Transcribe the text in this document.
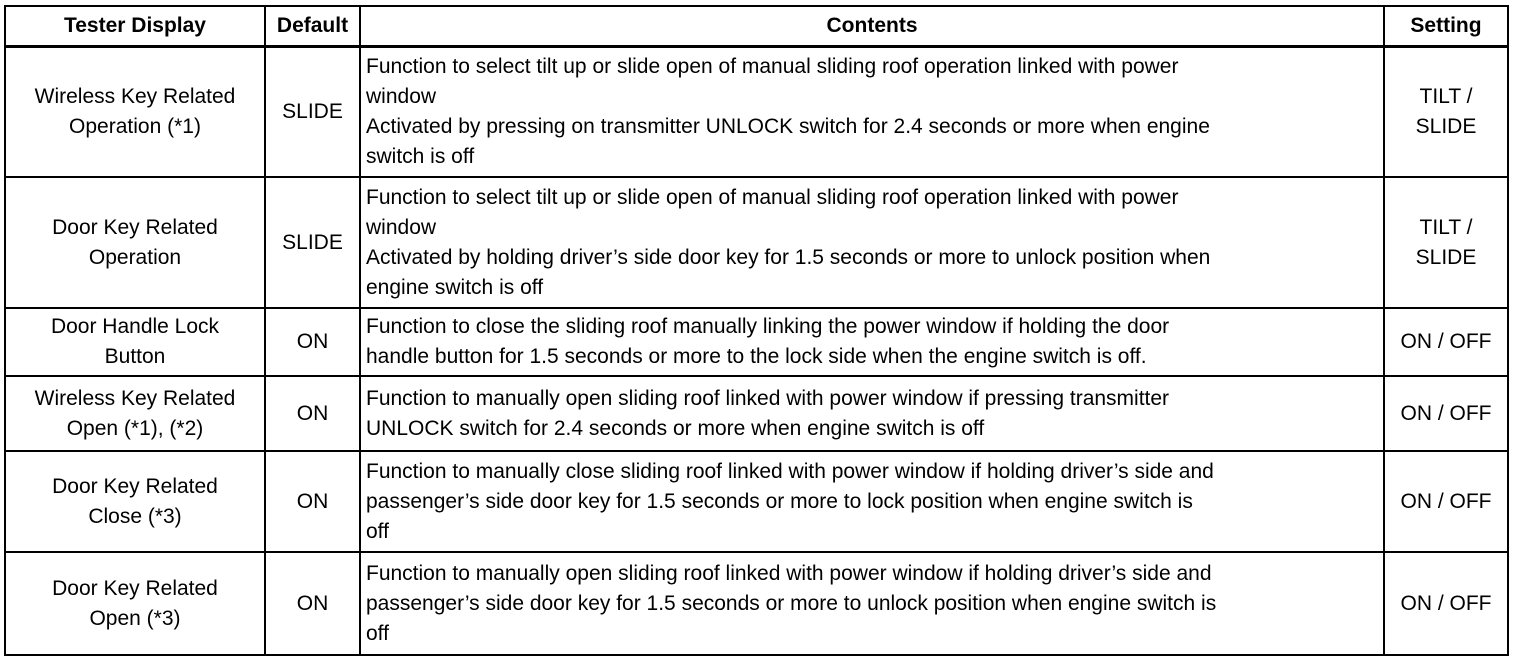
Tester Display	Default	Contents	Setting

Wireless Key Related
Operation (*1)	SLIDE	Function to select tilt up or slide open of manual sliding roof operation linked with power
window
Activated by pressing on transmitter UNLOCK switch for 2.4 seconds or more when engine
switch is off	TILT /
SLIDE

Door Key Related
Operation	SLIDE	Function to select tilt up or slide open of manual sliding roof operation linked with power
window
Activated by holding driver’s side door key for 1.5 seconds or more to unlock position when
engine switch is off	TILT /
SLIDE

Door Handle Lock
Button	ON	Function to close the sliding roof manually linking the power window if holding the door
handle button for 1.5 seconds or more to the lock side when the engine switch is off.	ON / OFF

Wireless Key Related
Open (*1), (*2)	ON	Function to manually open sliding roof linked with power window if pressing transmitter
UNLOCK switch for 2.4 seconds or more when engine switch is off	ON / OFF

Door Key Related
Close (*3)	ON	Function to manually close sliding roof linked with power window if holding driver’s side and
passenger’s side door key for 1.5 seconds or more to lock position when engine switch is
off	ON / OFF

Door Key Related
Open (*3)	ON	Function to manually open sliding roof linked with power window if holding driver’s side and
passenger’s side door key for 1.5 seconds or more to unlock position when engine switch is
off	ON / OFF
